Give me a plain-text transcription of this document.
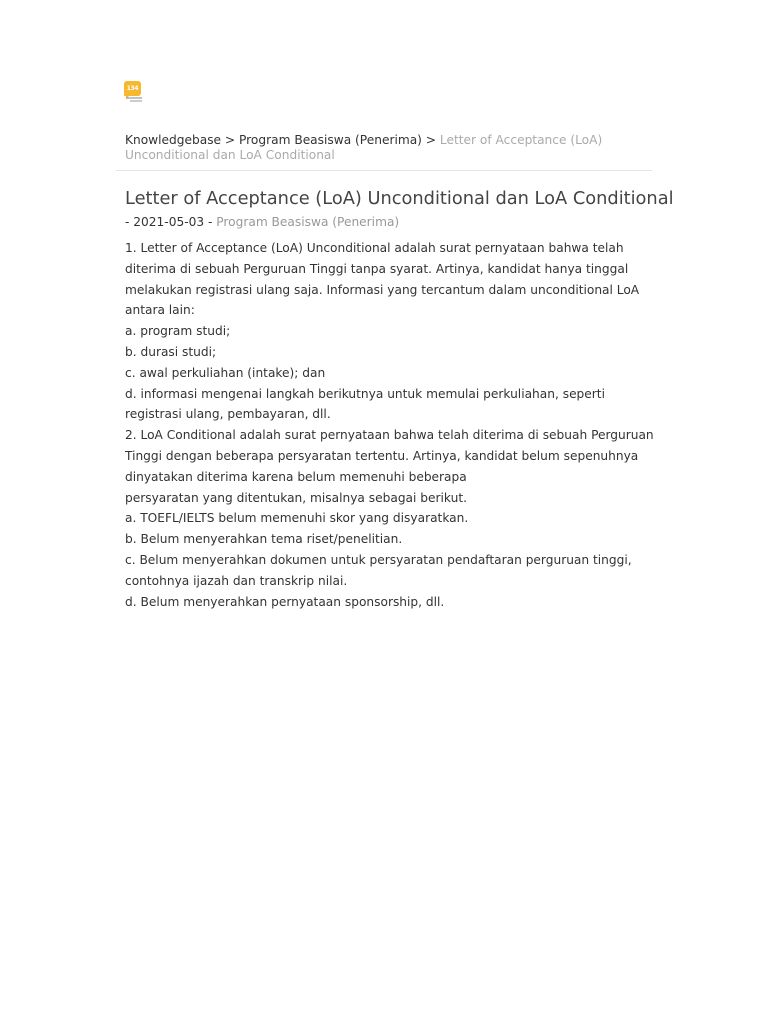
134
Knowledgebase > Program Beasiswa (Penerima) > Letter of Acceptance (LoA) Unconditional dan LoA Conditional
Letter of Acceptance (LoA) Unconditional dan LoA Conditional
- 2021-05-03 - Program Beasiswa (Penerima)

1. Letter of Acceptance (LoA) Unconditional adalah surat pernyataan bahwa telah diterima di sebuah Perguruan Tinggi tanpa syarat. Artinya, kandidat hanya tinggal melakukan registrasi ulang saja. Informasi yang tercantum dalam unconditional LoA antara lain:

a. program studi;

b. durasi studi;

c. awal perkuliahan (intake); dan

d. informasi mengenai langkah berikutnya untuk memulai perkuliahan, seperti registrasi ulang, pembayaran, dll.

2. LoA Conditional adalah surat pernyataan bahwa telah diterima di sebuah Perguruan Tinggi dengan beberapa persyaratan tertentu. Artinya, kandidat belum sepenuhnya dinyatakan diterima karena belum memenuhi beberapa

persyaratan yang ditentukan, misalnya sebagai berikut.

a. TOEFL/IELTS belum memenuhi skor yang disyaratkan.

b. Belum menyerahkan tema riset/penelitian.

c. Belum menyerahkan dokumen untuk persyaratan pendaftaran perguruan tinggi, contohnya ijazah dan transkrip nilai.

d. Belum menyerahkan pernyataan sponsorship, dll.
